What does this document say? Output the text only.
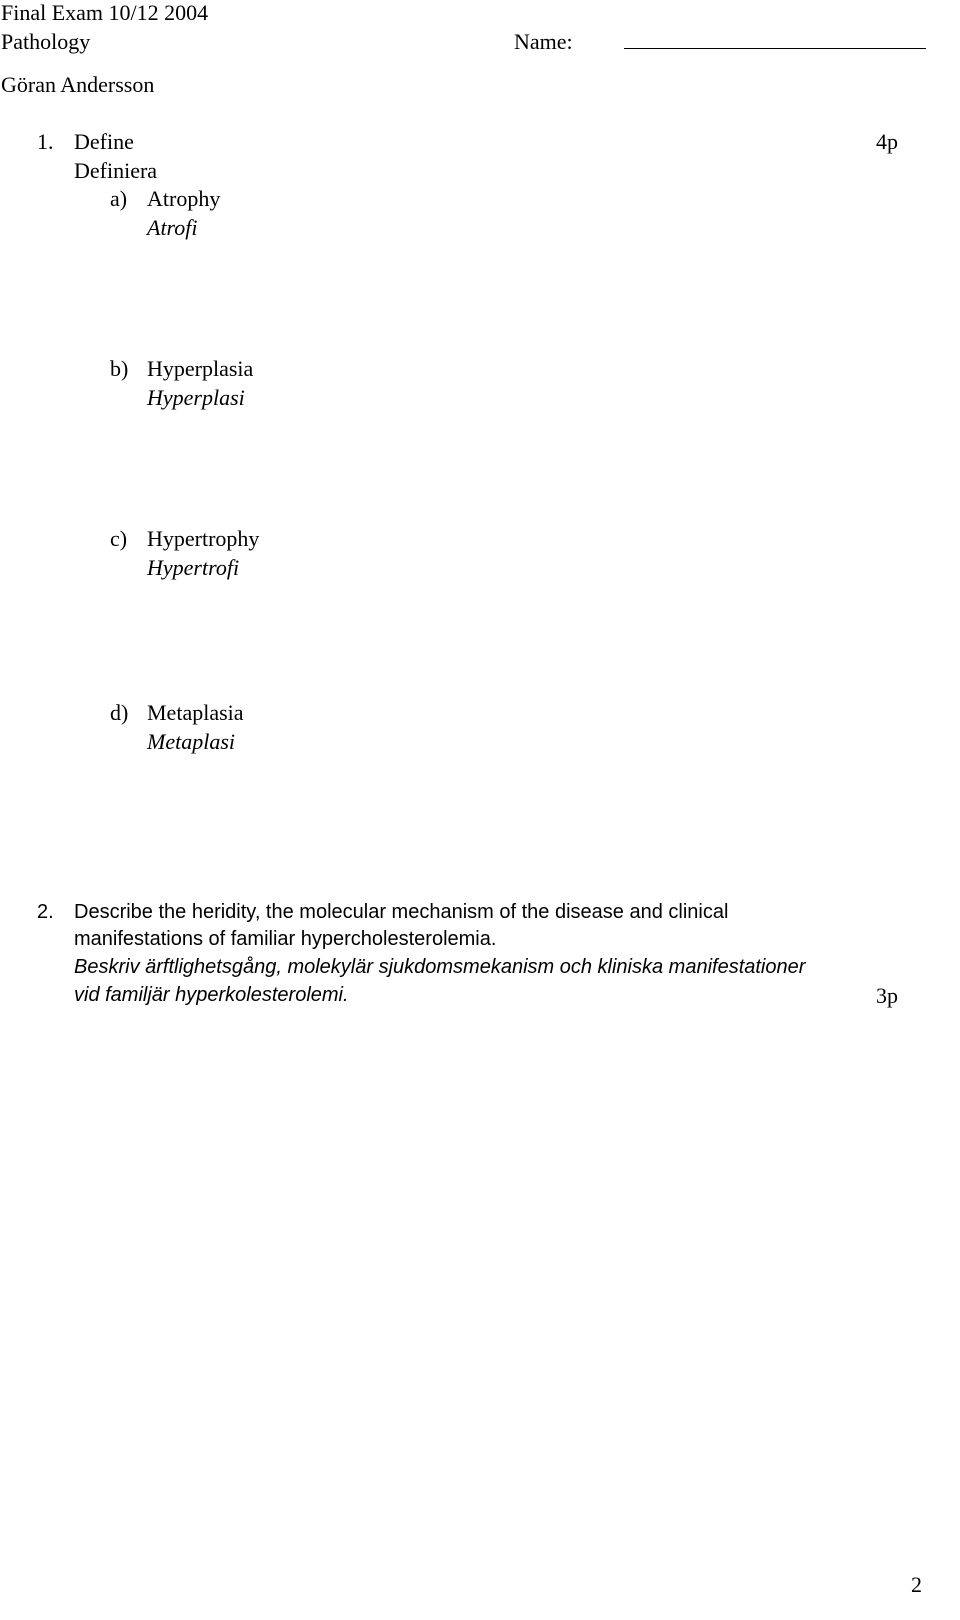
Final Exam 10/12 2004
Pathology	Name:
Göran Andersson
1. Define	4p
Definiera
a) Atrophy
Atrofi
b) Hyperplasia
Hyperplasi
c) Hypertrophy
Hypertrofi
d) Metaplasia
Metaplasi
2. Describe the heridity, the molecular mechanism of the disease and clinical
manifestations of familiar hypercholesterolemia.
Beskriv ärftlighetsgång, molekylär sjukdomsmekanism och kliniska manifestationer
vid familjär hyperkolesterolemi.	3p
2
